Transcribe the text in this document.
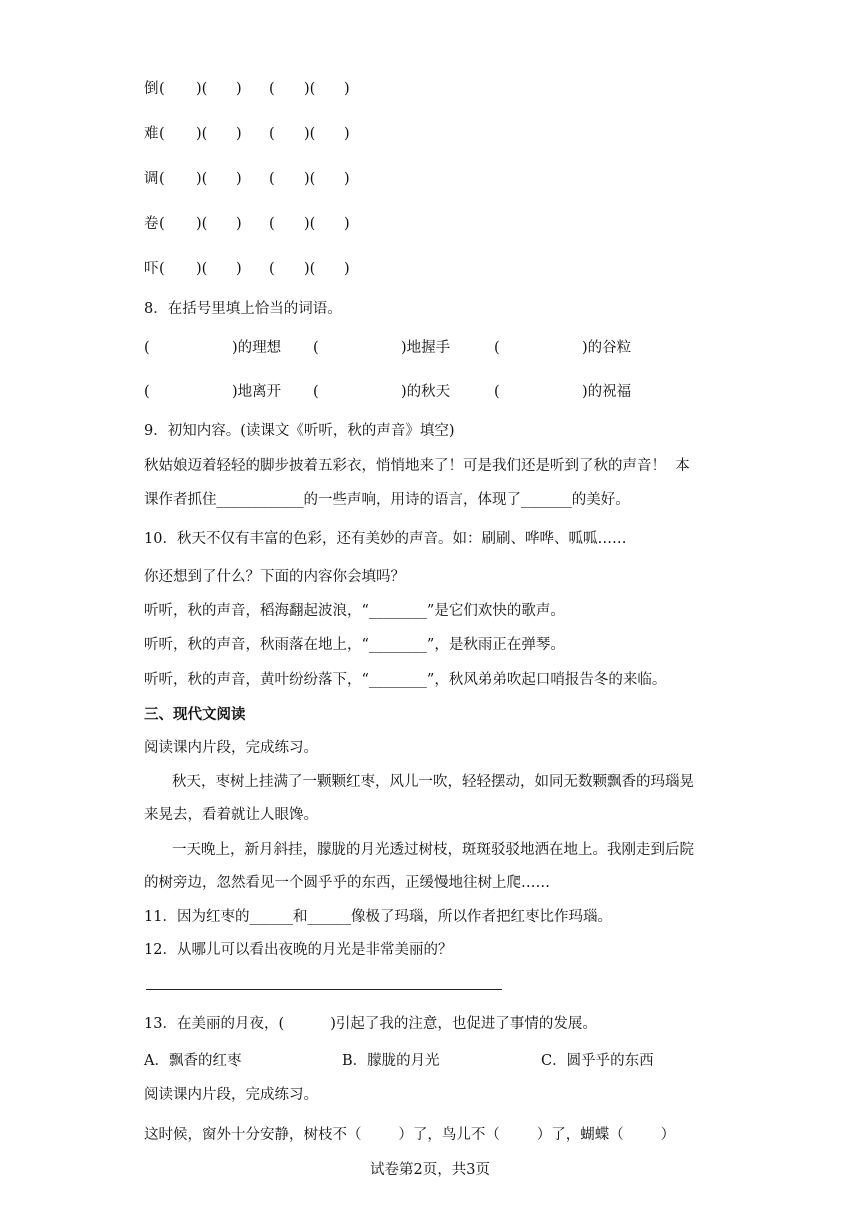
倒 ( )( ) ( )( )
难 ( )( ) ( )( )
调 ( )( ) ( )( )
卷 ( )( ) ( )( )
吓 ( )( ) ( )( )
8．在括号里填上恰当的词语。
(	)的理想 (	)地握手	(	)的谷粒
(	)地离开 (	)的秋天	(	)的祝福
9．初知内容。(读课文《听听，秋的声音》填空)
秋姑娘迈着轻轻的脚步披着五彩衣，悄悄地来了！可是我们还是听到了秋的声音！  本
课作者抓住____________的一些声响，用诗的语言，体现了_______的美好。
10．秋天不仅有丰富的色彩，还有美妙的声音。如：刷刷、哗哗、呱呱……
你还想到了什么？下面的内容你会填吗？
听听，秋的声音，稻海翻起波浪，“________”是它们欢快的歌声。
听听，秋的声音，秋雨落在地上，“________”，是秋雨正在弹琴。
听听，秋的声音，黄叶纷纷落下，“________”，秋风弟弟吹起口哨报告冬的来临。
三、现代文阅读
阅读课内片段，完成练习。
秋天，枣树上挂满了一颗颗红枣，风儿一吹，轻轻摆动，如同无数颗飘香的玛瑙晃
来晃去，看着就让人眼馋。
一天晚上，新月斜挂，朦胧的月光透过树枝，斑斑驳驳地洒在地上。我刚走到后院
的树旁边，忽然看见一个圆乎乎的东西，正缓慢地往树上爬……
11．因为红枣的______和______像极了玛瑙，所以作者把红枣比作玛瑙。
12．从哪儿可以看出夜晚的月光是非常美丽的？
13．在美丽的月夜，(          )引起了我的注意，也促进了事情的发展。
A．飘香的红枣	B．朦胧的月光	C．圆乎乎的东西
阅读课内片段，完成练习。
这时候，窗外十分安静，树枝不（        ）了，鸟儿不（        ）了，蝴蝶（        ）
试卷第2页，共3页
